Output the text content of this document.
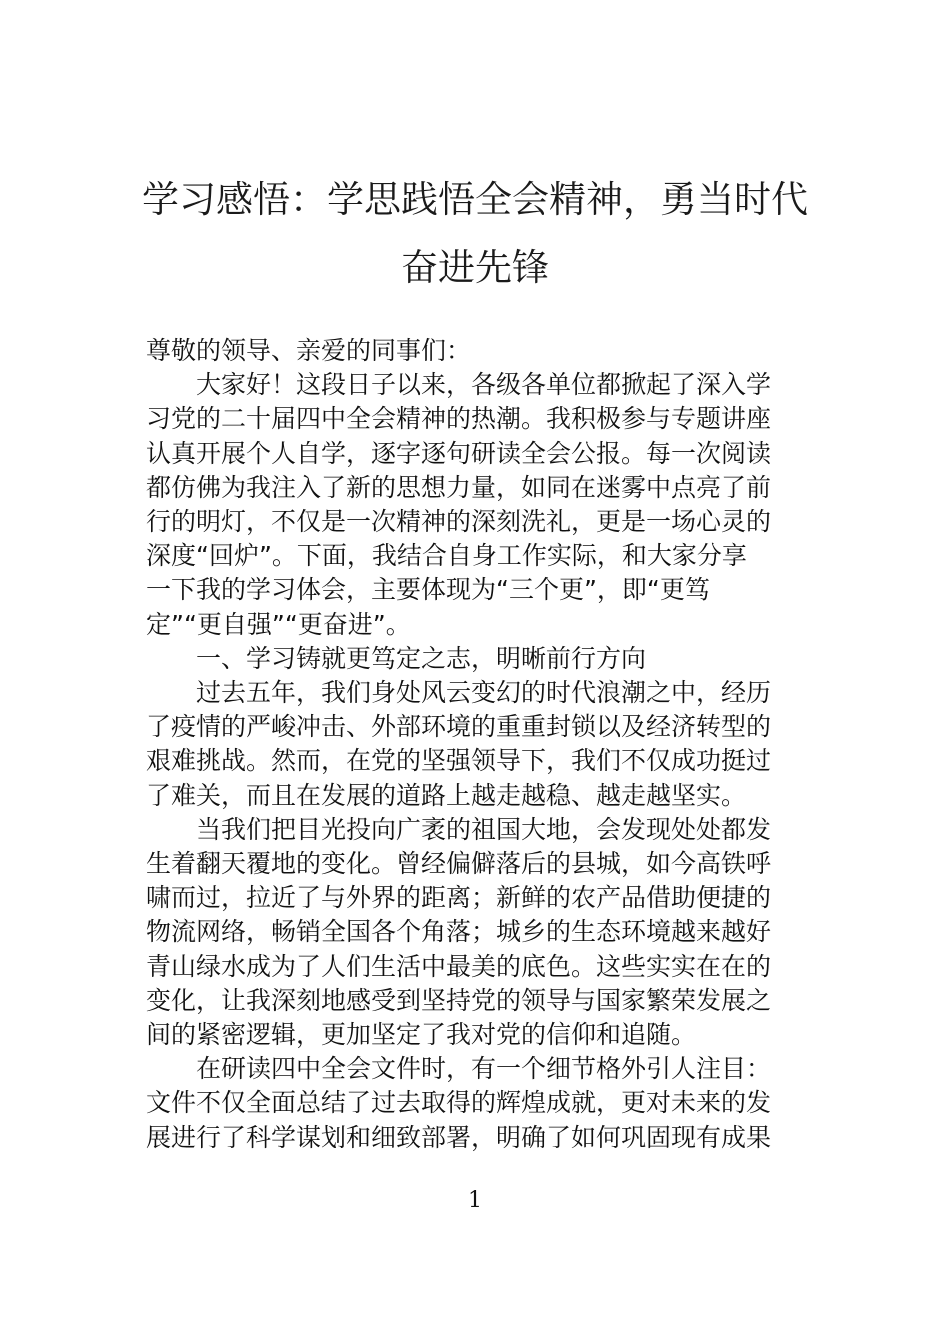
学习感悟：学思践悟全会精神，勇当时代
奋进先锋
尊敬的领导、亲爱的同事们：
大家好！这段日子以来，各级各单位都掀起了深入学
习党的二十届四中全会精神的热潮。我积极参与专题讲座
认真开展个人自学，逐字逐句研读全会公报。每一次阅读
都仿佛为我注入了新的思想力量，如同在迷雾中点亮了前
行的明灯，不仅是一次精神的深刻洗礼，更是一场心灵的
深度“回炉”。下面，我结合自身工作实际，和大家分享
一下我的学习体会，主要体现为“三个更”，即“更笃
定”“更自强”“更奋进”。
一、学习铸就更笃定之志，明晰前行方向
过去五年，我们身处风云变幻的时代浪潮之中，经历
了疫情的严峻冲击、外部环境的重重封锁以及经济转型的
艰难挑战。然而，在党的坚强领导下，我们不仅成功挺过
了难关，而且在发展的道路上越走越稳、越走越坚实。
当我们把目光投向广袤的祖国大地，会发现处处都发
生着翻天覆地的变化。曾经偏僻落后的县城，如今高铁呼
啸而过，拉近了与外界的距离；新鲜的农产品借助便捷的
物流网络，畅销全国各个角落；城乡的生态环境越来越好
青山绿水成为了人们生活中最美的底色。这些实实在在的
变化，让我深刻地感受到坚持党的领导与国家繁荣发展之
间的紧密逻辑，更加坚定了我对党的信仰和追随。
在研读四中全会文件时，有一个细节格外引人注目：
文件不仅全面总结了过去取得的辉煌成就，更对未来的发
展进行了科学谋划和细致部署，明确了如何巩固现有成果
1
